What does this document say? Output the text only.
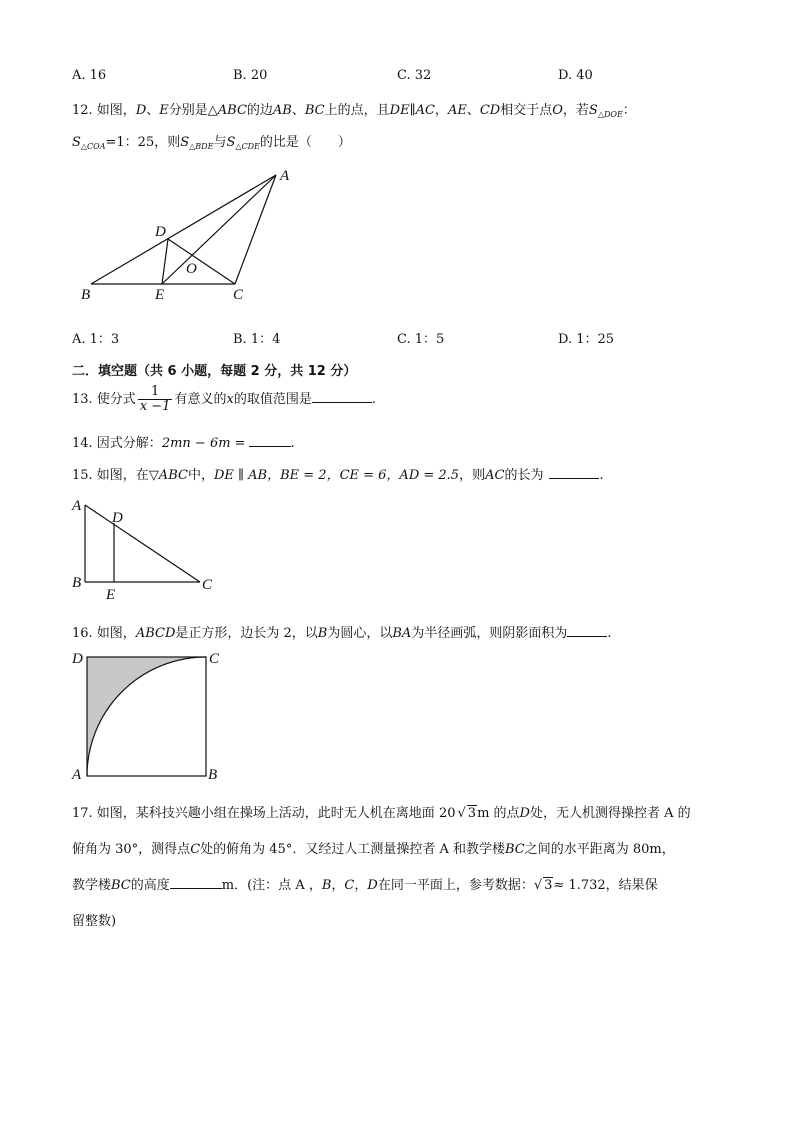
A. 16	B. 20	C. 32	D. 40
12. 如图，D、E分别是△ABC的边AB、BC上的点，且DE∥AC，AE、CD相交于点O，若$S_{\triangle DOE}$：
$S_{\triangle COA}=1$：25，则$S_{\triangle BDE}$与$S_{\triangle CDE}$的比是（　　）
A
B	C
D
E
O
A. 1：3	B. 1：4	C. 1：5	D. 1：25
二．填空题（共 6 小题，每题 2 分，共 12 分）
13. 使分式 $\frac{1}{x -1}$ 有意义的x的取值范围是	.
14. 因式分解：2mn − 6m =	.
15. 如图，在▽ABC中，DE ∥ AB，BE = 2，CE = 6，AD = 2.5，则AC的长为	.
A
B	C
D
E
16. 如图，ABCD是正方形，边长为 2，以B为圆心，以BA为半径画弧，则阴影面积为	.
D	C
A	B
17. 如图，某科技兴趣小组在操场上活动，此时无人机在离地面 20 √ 3m 的点D处，无人机测得操控者 A 的
俯角为 30°，测得点C处的俯角为 45°．又经过人工测量操控者 A 和教学楼BC之间的水平距离为 80m，
教学楼BC的高度	m．(注：点 A ，B，C，D在同一平面上，参考数据：√ 3≈ 1.732，结果保
留整数)
